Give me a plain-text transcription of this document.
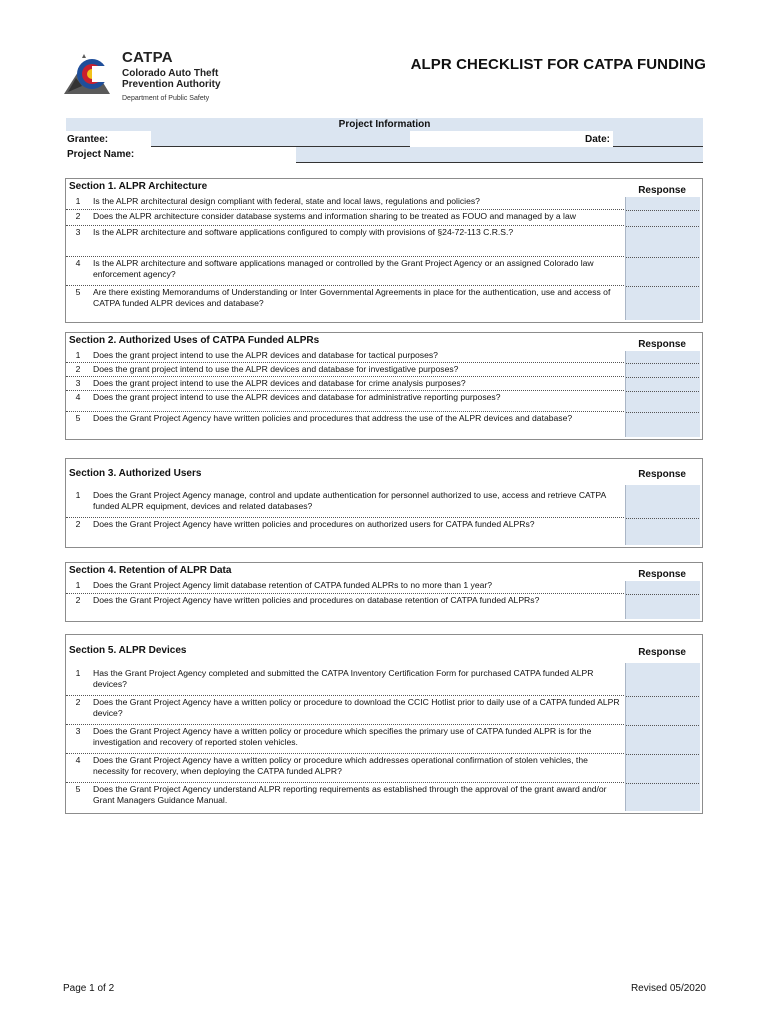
CATPA
Colorado Auto Theft
Prevention Authority
Department of Public Safety
ALPR CHECKLIST FOR CATPA FUNDING
Project Information
Grantee:	Date:
Project Name:
Section 1. ALPR Architecture	Response
1	Is the ALPR architectural design compliant with federal, state and local laws, regulations and policies?
2	Does the ALPR architecture consider database systems and information sharing to be treated as FOUO and managed by a law
3	Is the ALPR architecture and software applications configured to comply with provisions of §24-72-113 C.R.S.?
4	Is the ALPR architecture and software applications managed or controlled by the Grant Project Agency or an assigned Colorado law enforcement agency?
5	Are there existing Memorandums of Understanding or Inter Governmental Agreements in place for the authentication, use and access of CATPA funded ALPR devices and database?
Section 2. Authorized Uses of CATPA Funded ALPRs	Response
1	Does the grant project intend to use the ALPR devices and database for tactical purposes?
2	Does the grant project intend to use the ALPR devices and database for investigative purposes?
3	Does the grant project intend to use the ALPR devices and database for crime analysis purposes?
4	Does the grant project intend to use the ALPR devices and database for administrative reporting purposes?
5	Does the Grant Project Agency have written policies and procedures that address the use of the ALPR devices and database?
Section 3. Authorized Users	Response
1	Does the Grant Project Agency manage, control and update authentication for personnel authorized to use, access and retrieve CATPA funded ALPR equipment, devices and related databases?
2	Does the Grant Project Agency have written policies and procedures on authorized users for CATPA funded ALPRs?
Section 4. Retention of ALPR Data	Response
1	Does the Grant Project Agency limit database retention of CATPA funded ALPRs to no more than 1 year?
2	Does the Grant Project Agency have written policies and procedures on database retention of CATPA funded ALPRs?
Section 5. ALPR Devices	Response
1	Has the Grant Project Agency completed and submitted the CATPA Inventory Certification Form for purchased CATPA funded ALPR devices?
2	Does the Grant Project Agency have a written policy or procedure to download the CCIC Hotlist prior to daily use of a CATPA funded ALPR device?
3	Does the Grant Project Agency have a written policy or procedure which specifies the primary use of CATPA funded ALPR is for the investigation and recovery of reported stolen vehicles.
4	Does the Grant Project Agency have a written policy or procedure which addresses operational confirmation of stolen vehicles, the necessity for recovery, when deploying the CATPA funded ALPR?
5	Does the Grant Project Agency understand ALPR reporting requirements as established through the approval of the grant award and/or Grant Managers Guidance Manual.
Page 1 of 2	Revised 05/2020
